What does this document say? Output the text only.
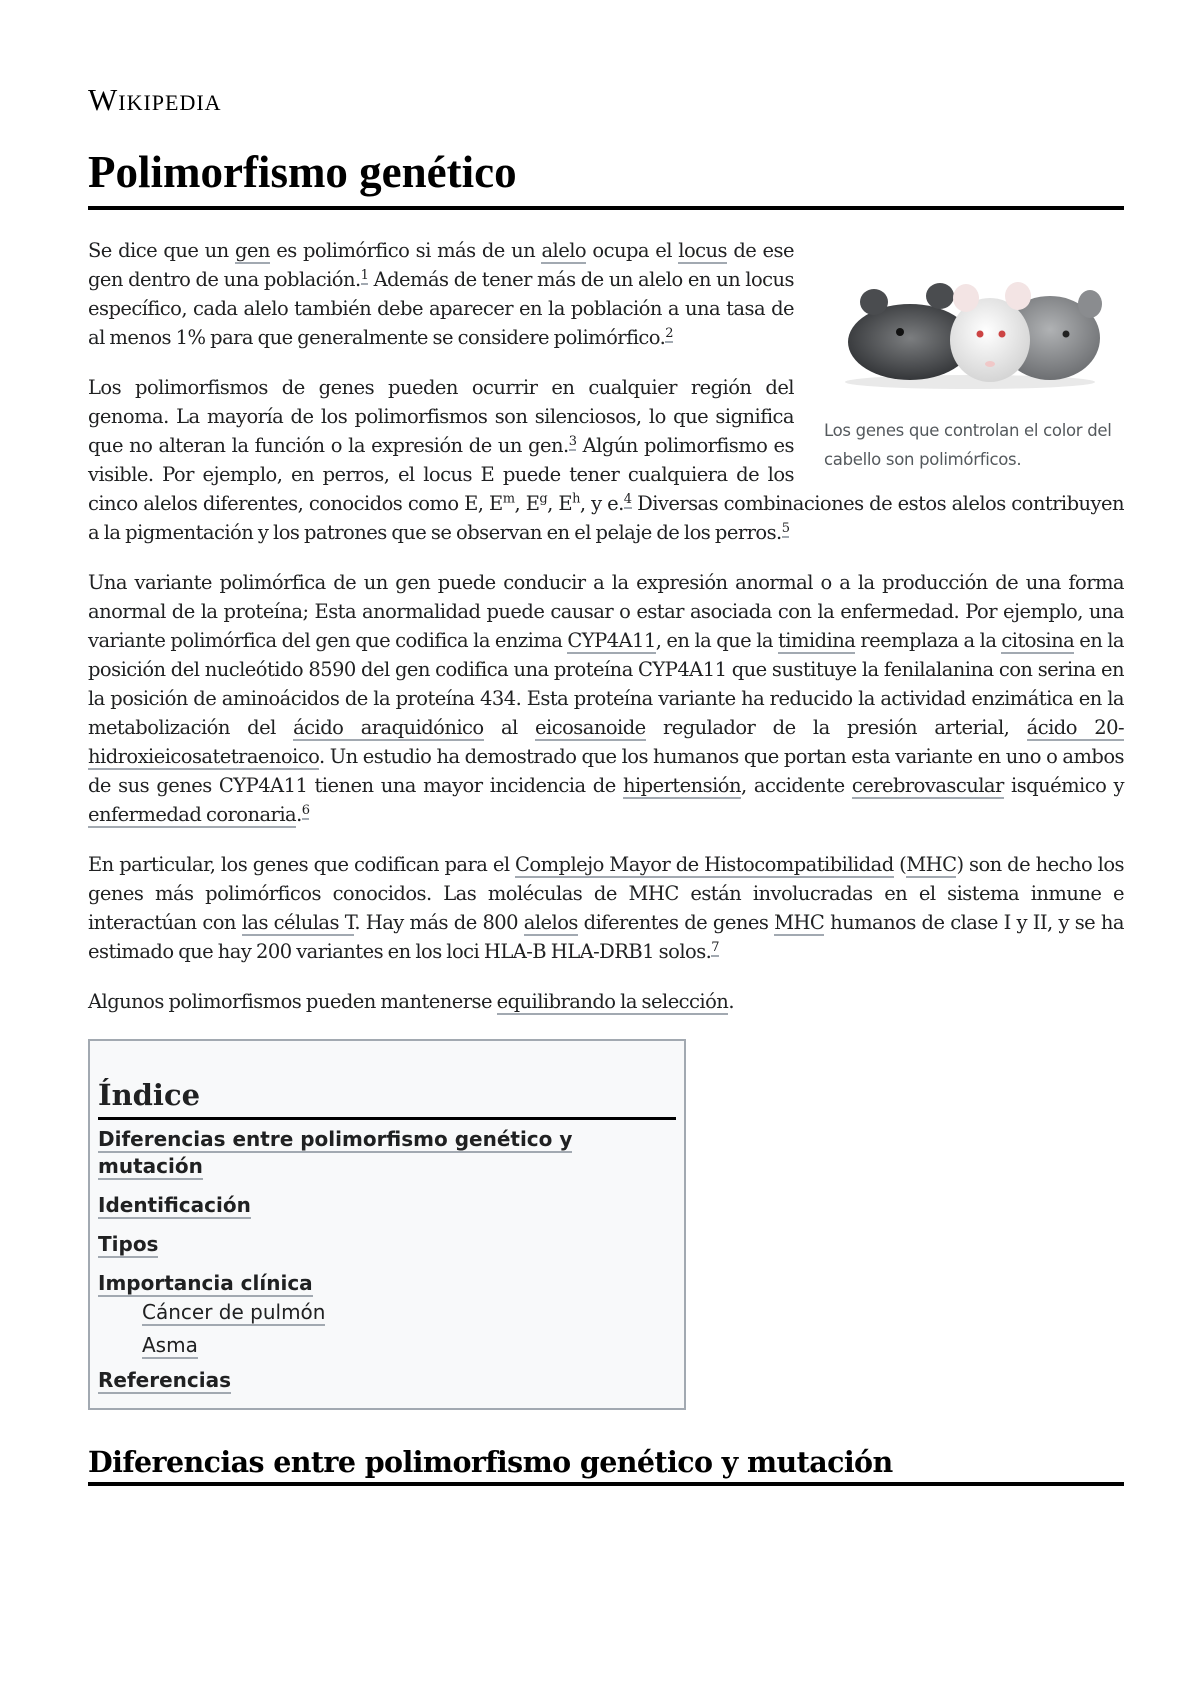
Wikipedia
Polimorfismo genético
Los genes que controlan el color del cabello son polimórficos.

Se dice que un gen es polimórfico si más de un alelo ocupa el locus de ese gen dentro de una población.$^1$ Además de tener más de un alelo en un locus específico, cada alelo también debe aparecer en la población a una tasa de al menos 1% para que generalmente se considere polimórfico.$^2$

Los polimorfismos de genes pueden ocurrir en cualquier región del genoma. La mayoría de los polimorfismos son silenciosos, lo que significa que no alteran la función o la expresión de un gen.$^3$ Algún polimorfismo es visible. Por ejemplo, en perros, el locus E puede tener cualquiera de los cinco alelos diferentes, conocidos como E, $E^m$, $E^g$, $E^h$, y e.$^4$ Diversas combinaciones de estos alelos contribuyen a la pigmentación y los patrones que se observan en el pelaje de los perros.$^5$

Una variante polimórfica de un gen puede conducir a la expresión anormal o a la producción de una forma anormal de la proteína; Esta anormalidad puede causar o estar asociada con la enfermedad. Por ejemplo, una variante polimórfica del gen que codifica la enzima CYP4A11, en la que la timidina reemplaza a la citosina en la posición del nucleótido 8590 del gen codifica una proteína CYP4A11 que sustituye la fenilalanina con serina en la posición de aminoácidos de la proteína 434. Esta proteína variante ha reducido la actividad enzimática en la metabolización del ácido araquidónico al eicosanoide regulador de la presión arterial, ácido 20-hidroxieicosatetraenoico. Un estudio ha demostrado que los humanos que portan esta variante en uno o ambos de sus genes CYP4A11 tienen una mayor incidencia de hipertensión, accidente cerebrovascular isquémico y enfermedad coronaria.$^6$

En particular, los genes que codifican para el Complejo Mayor de Histocompatibilidad (MHC) son de hecho los genes más polimórficos conocidos. Las moléculas de MHC están involucradas en el sistema inmune e interactúan con las células T. Hay más de 800 alelos diferentes de genes MHC humanos de clase I y II, y se ha estimado que hay 200 variantes en los loci HLA-B HLA-DRB1 solos.$^7$

Algunos polimorfismos pueden mantenerse equilibrando la selección.

Índice
Diferencias entre polimorfismo genético y mutación
Identificación
Tipos
Importancia clínica
Cáncer de pulmón
Asma
Referencias
Diferencias entre polimorfismo genético y mutación
